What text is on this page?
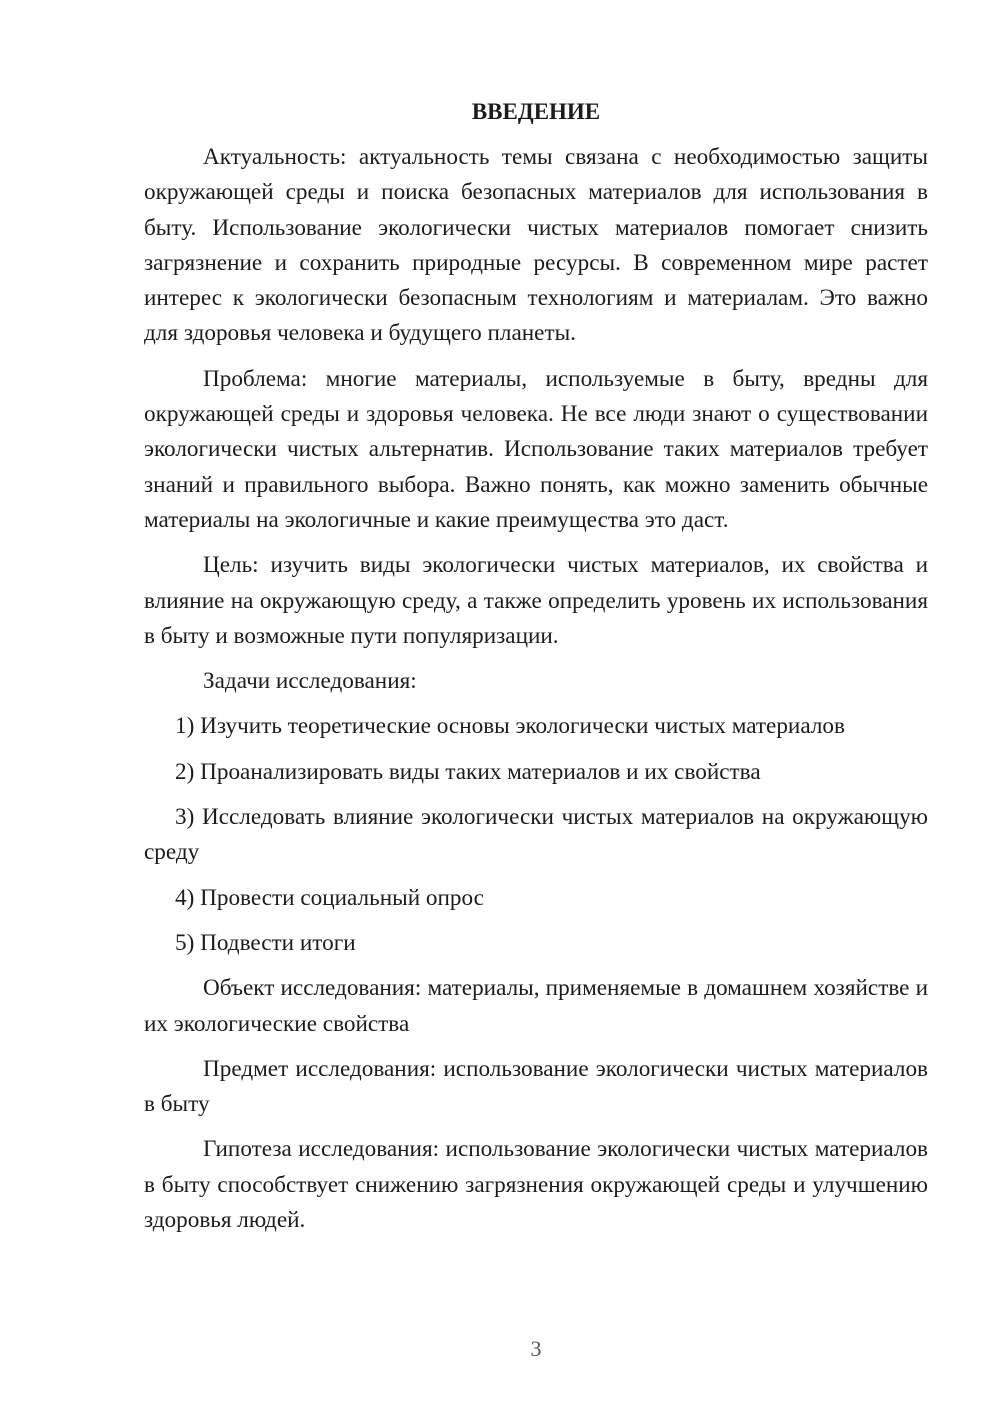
ВВЕДЕНИЕ

Актуальность: актуальность темы связана с необходимостью защиты окружающей среды и поиска безопасных материалов для использования в быту. Использование экологически чистых материалов помогает снизить загрязнение и сохранить природные ресурсы. В современном мире растет интерес к экологически безопасным технологиям и материалам. Это важно для здоровья человека и будущего планеты.

Проблема: многие материалы, используемые в быту, вредны для окружающей среды и здоровья человека. Не все люди знают о существовании экологически чистых альтернатив. Использование таких материалов требует знаний и правильного выбора. Важно понять, как можно заменить обычные материалы на экологичные и какие преимущества это даст.

Цель: изучить виды экологически чистых материалов, их свойства и влияние на окружающую среду, а также определить уровень их использования в быту и возможные пути популяризации.

Задачи исследования:

1) Изучить теоретические основы экологически чистых материалов

2) Проанализировать виды таких материалов и их свойства

3) Исследовать влияние экологически чистых материалов на окружающую среду

4) Провести социальный опрос

5) Подвести итоги

Объект исследования: материалы, применяемые в домашнем хозяйстве и их экологические свойства

Предмет исследования: использование экологически чистых материалов в быту

Гипотеза исследования: использование экологически чистых материалов в быту способствует снижению загрязнения окружающей среды и улучшению здоровья людей.

3
